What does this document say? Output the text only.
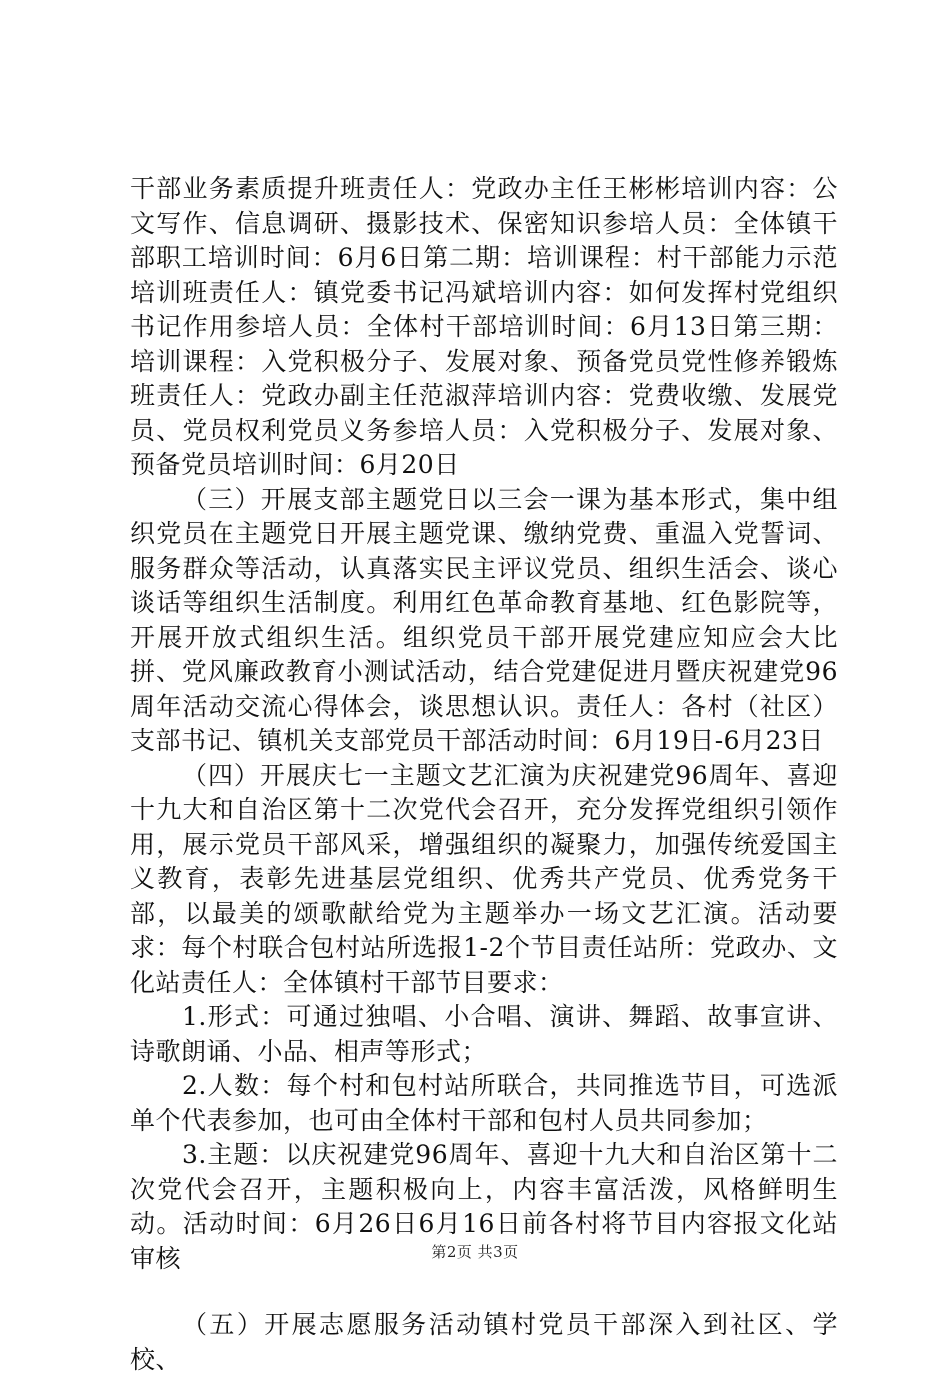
干部业务素质提升班责任人：党政办主任王彬彬培训内容：公文写作、信息调研、摄影技术、保密知识参培人员：全体镇干部职工培训时间：6月6日第二期：培训课程：村干部能力示范培训班责任人：镇党委书记冯斌培训内容：如何发挥村党组织书记作用参培人员：全体村干部培训时间：6月13日第三期：培训课程：入党积极分子、发展对象、预备党员党性修养锻炼班责任人：党政办副主任范淑萍培训内容：党费收缴、发展党员、党员权利党员义务参培人员：入党积极分子、发展对象、预备党员培训时间：6月20日

（三）开展支部主题党日以三会一课为基本形式，集中组织党员在主题党日开展主题党课、缴纳党费、重温入党誓词、服务群众等活动，认真落实民主评议党员、组织生活会、谈心谈话等组织生活制度。利用红色革命教育基地、红色影院等，开展开放式组织生活。组织党员干部开展党建应知应会大比拼、党风廉政教育小测试活动，结合党建促进月暨庆祝建党96周年活动交流心得体会，谈思想认识。责任人：各村（社区）支部书记、镇机关支部党员干部活动时间：6月19日-6月23日

（四）开展庆七一主题文艺汇演为庆祝建党96周年、喜迎十九大和自治区第十二次党代会召开，充分发挥党组织引领作用，展示党员干部风采，增强组织的凝聚力，加强传统爱国主义教育，表彰先进基层党组织、优秀共产党员、优秀党务干部，以最美的颂歌献给党为主题举办一场文艺汇演。活动要求：每个村联合包村站所选报1-2个节目责任站所：党政办、文化站责任人：全体镇村干部节目要求：

1.形式：可通过独唱、小合唱、演讲、舞蹈、故事宣讲、诗歌朗诵、小品、相声等形式；

2.人数：每个村和包村站所联合，共同推选节目，可选派单个代表参加，也可由全体村干部和包村人员共同参加；

3.主题：以庆祝建党96周年、喜迎十九大和自治区第十二次党代会召开，主题积极向上，内容丰富活泼，风格鲜明生动。活动时间：6月26日6月16日前各村将节目内容报文化站审核

（五）开展志愿服务活动镇村党员干部深入到社区、学校、

第2页 共3页
